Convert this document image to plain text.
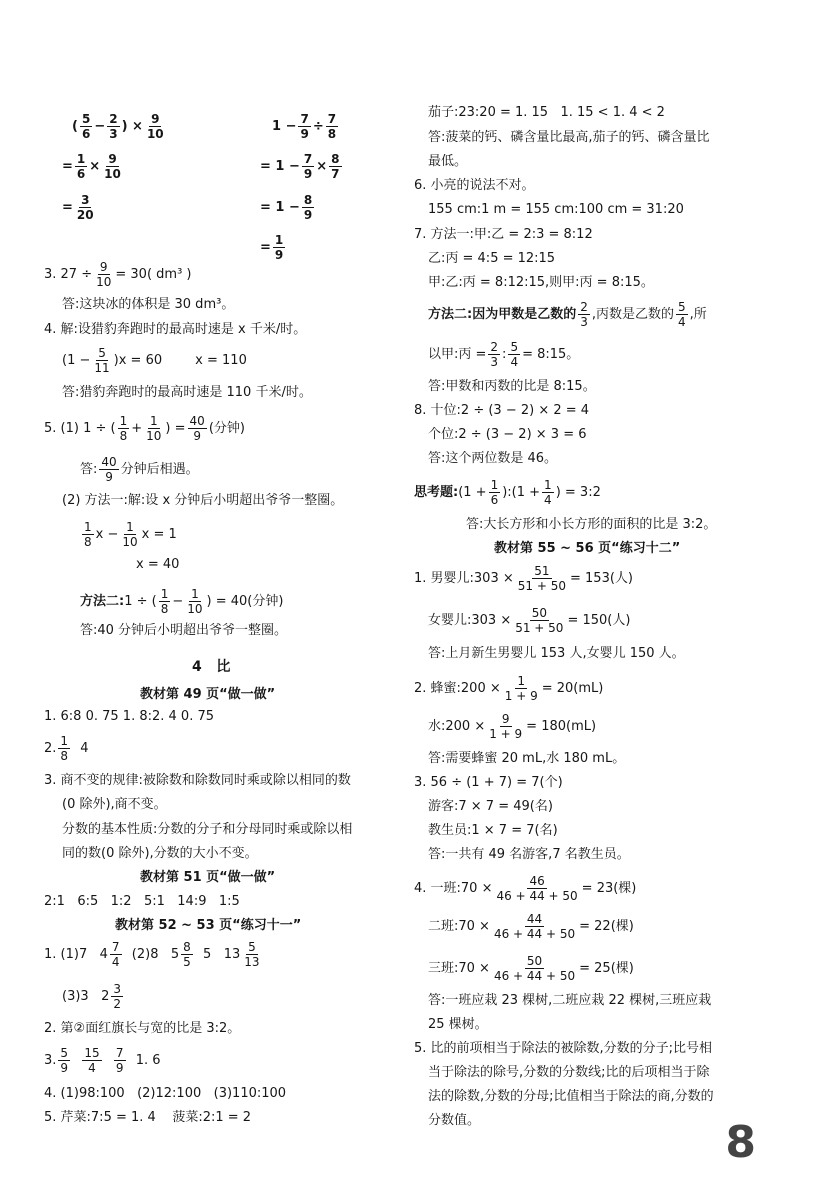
( $\frac{5}{6} - \frac{2}{3}$ ) × $\frac{9}{10}$
= $\frac{1}{6} \times \frac{9}{10}$
= $\frac{3}{20}$
$1 - \frac{7}{9} \div \frac{7}{8}$
= $1 - \frac{7}{9} \times \frac{8}{7}$
= $1 - \frac{8}{9}$
= $\frac{1}{9}$
3. $27 \div \frac{9}{10} = 30$( dm³ )
答:这块冰的体积是 30 dm³。
4. 解:设猎豹奔跑时的最高时速是 x 千米/时。
$(1 - \frac{5}{11} )x = 60$        x = 110
答:猎豹奔跑时的最高时速是 110 千米/时。
5. (1) 1 ÷ ( $\frac{1}{8} + \frac{1}{10}$ ) = $\frac{40}{9}$ (分钟)
答: $\frac{40}{9}$ 分钟后相遇。
(2) 方法一:解:设 x 分钟后小明超出爷爷一整圈。
$\frac{1}{8}$ $x - \frac{1}{10}$ x = 1
x = 40
方法二:1 ÷ ( $\frac{1}{8} - \frac{1}{10}$ ) = 40(分钟)
答:40 分钟后小明超出爷爷一整圈。
4   比
教材第 49 页“做一做”
1. 6:8 0. 75 1. 8:2. 4 0. 75
2. $\frac{1}{8} 4$
3. 商不变的规律:被除数和除数同时乘或除以相同的数
(0 除外),商不变。
分数的基本性质:分数的分子和分母同时乘或除以相
同的数(0 除外),分数的大小不变。
教材第 51 页“做一做”
2:1   6:5   1:2   5:1   14:9   1:5
教材第 52 ~ 53 页“练习十一”
1. (1)7   $4 \frac{7}{4} (2)8$   $5 \frac{8}{5} 5$   $13 \frac{5}{13}$
(3)3   $2 \frac{3}{2}$
2. 第②面红旗长与宽的比是 3:2。
3. $\frac{5}{9}$
$\frac{15}{4}$
$\frac{7}{9} 1$. 6
4. (1)98:100   (2)12:100   (3)110:100
5. 芹菜:7:5 = 1. 4    菠菜:2:1 = 2
茄子:23:20 = 1. 15   1. 15 < 1. 4 < 2
答:菠菜的钙、磷含量比最高,茄子的钙、磷含量比
最低。
6. 小亮的说法不对。
155 cm:1 m = 155 cm:100 cm = 31:20
7. 方法一:甲:乙 = 2:3 = 8:12
乙:丙 = 4:5 = 12:15
甲:乙:丙 = 8:12:15,则甲:丙 = 8:15。
方法二:因为甲数是乙数的 $\frac{2}{3}$ ,丙数是乙数的 $\frac{5}{4}$ ,所
以甲:丙 = $\frac{2}{3}$ : $\frac{5}{4}$ = 8:15。
答:甲数和丙数的比是 8:15。
8. 十位:2 ÷ (3 − 2) × 2 = 4
个位:2 ÷ (3 − 2) × 3 = 6
答:这个两位数是 46。
思考题:(1 + $\frac{1}{6}$ ):(1 + $\frac{1}{4}$ ) = 3:2
答:大长方形和小长方形的面积的比是 3:2。
教材第 55 ~ 56 页“练习十二”
1. 男婴儿:303 × $\frac{51}{51 + 50} = 153$(人)
女婴儿:303 × $\frac{50}{51 + 50} = 150$(人)
答:上月新生男婴儿 153 人,女婴儿 150 人。
2. 蜂蜜:200 × $\frac{1}{1 + 9} = 20(mL)$
水:200 × $\frac{9}{1 + 9} = 180(mL)$
答:需要蜂蜜 20 mL,水 180 mL。
3. 56 ÷ (1 + 7) = 7(个)
游客:7 × 7 = 49(名)
教生员:1 × 7 = 7(名)
答:一共有 49 名游客,7 名教生员。
4. 一班:70 × $\frac{46}{46 + 44 + 50} = 23$(棵)
二班:70 × $\frac{44}{46 + 44 + 50} = 22$(棵)
三班:70 × $\frac{50}{46 + 44 + 50} = 25$(棵)
答:一班应栽 23 棵树,二班应栽 22 棵树,三班应栽
25 棵树。
5. 比的前项相当于除法的被除数,分数的分子;比号相
当于除法的除号,分数的分数线;比的后项相当于除
法的除数,分数的分母;比值相当于除法的商,分数的
分数值。	8
